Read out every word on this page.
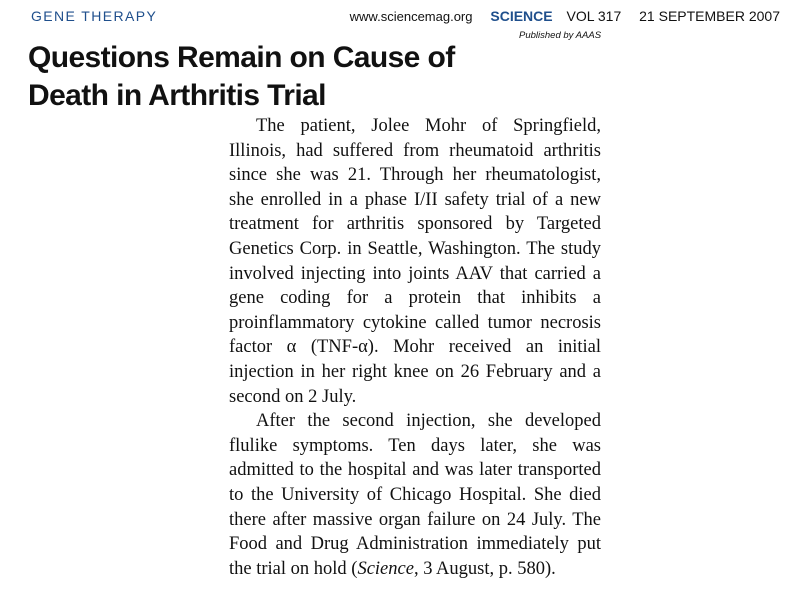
GENE THERAPY	www.sciencemag.org SCIENCE VOL 317 21 SEPTEMBER 2007
Published by AAAS
Questions Remain on Cause of
Death in Arthritis Trial

The patient, Jolee Mohr of Springfield, Illinois, had suffered from rheumatoid arthritis since she was 21. Through her rheumatologist, she enrolled in a phase I/II safety trial of a new treatment for arthritis sponsored by Targeted Genetics Corp. in Seattle, Washington. The study involved injecting into joints AAV that carried a gene coding for a protein that inhibits a proinflammatory cytokine called tumor necrosis factor α (TNF-α). Mohr received an initial injection in her right knee on 26 February and a second on 2 July.

After the second injection, she developed flulike symptoms. Ten days later, she was admitted to the hospital and was later transported to the University of Chicago Hospital. She died there after massive organ failure on 24 July. The Food and Drug Administration immediately put the trial on hold (Science, 3 August, p. 580).
